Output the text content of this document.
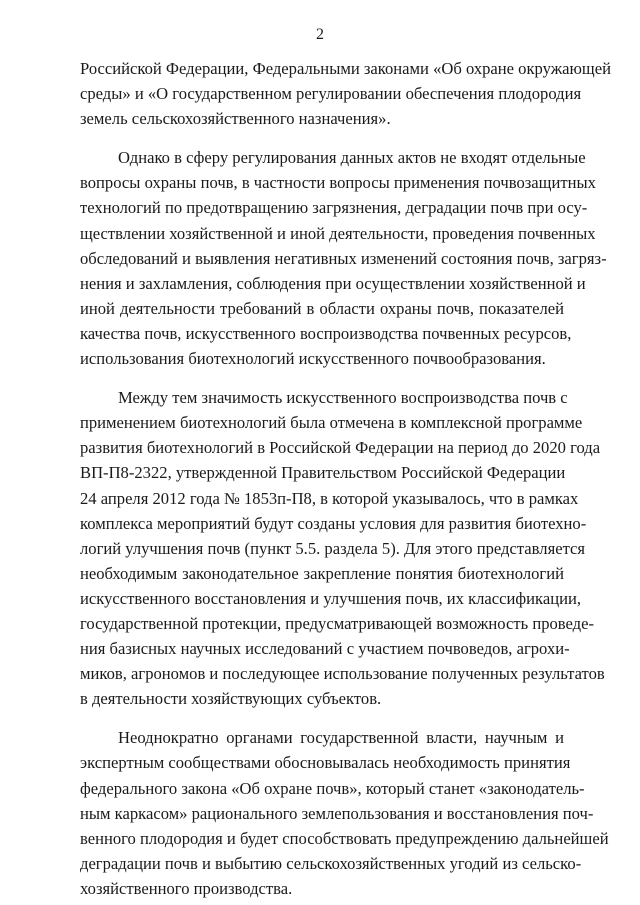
2
Российской Федерации, Федеральными законами «Об охране окружающей
среды» и «О государственном регулировании обеспечения плодородия
земель сельскохозяйственного назначения».
Однако в сферу регулирования данных актов не входят отдельные
вопросы охраны почв, в частности вопросы применения почвозащитных
технологий по предотвращению загрязнения, деградации почв при осу-
ществлении хозяйственной и иной деятельности, проведения почвенных
обследований и выявления негативных изменений состояния почв, загряз-
нения и захламления, соблюдения при осуществлении хозяйственной и
иной деятельности требований в области охраны почв, показателей
качества почв, искусственного воспроизводства почвенных ресурсов,
использования биотехнологий искусственного почвообразования.
Между тем значимость искусственного воспроизводства почв с
применением биотехнологий была отмечена в комплексной программе
развития биотехнологий в Российской Федерации на период до 2020 года
ВП-П8-2322, утвержденной Правительством Российской Федерации
24 апреля 2012 года № 1853п-П8, в которой указывалось, что в рамках
комплекса мероприятий будут созданы условия для развития биотехно-
логий улучшения почв (пункт 5.5. раздела 5). Для этого представляется
необходимым законодательное закрепление понятия биотехнологий
искусственного восстановления и улучшения почв, их классификации,
государственной протекции, предусматривающей возможность проведе-
ния базисных научных исследований с участием почвоведов, агрохи-
миков, агрономов и последующее использование полученных результатов
в деятельности хозяйствующих субъектов.
Неоднократно органами государственной власти, научным и
экспертным сообществами обосновывалась необходимость принятия
федерального закона «Об охране почв», который станет «законодатель-
ным каркасом» рационального землепользования и восстановления поч-
венного плодородия и будет способствовать предупреждению дальнейшей
деградации почв и выбытию сельскохозяйственных угодий из сельско-
хозяйственного производства.
